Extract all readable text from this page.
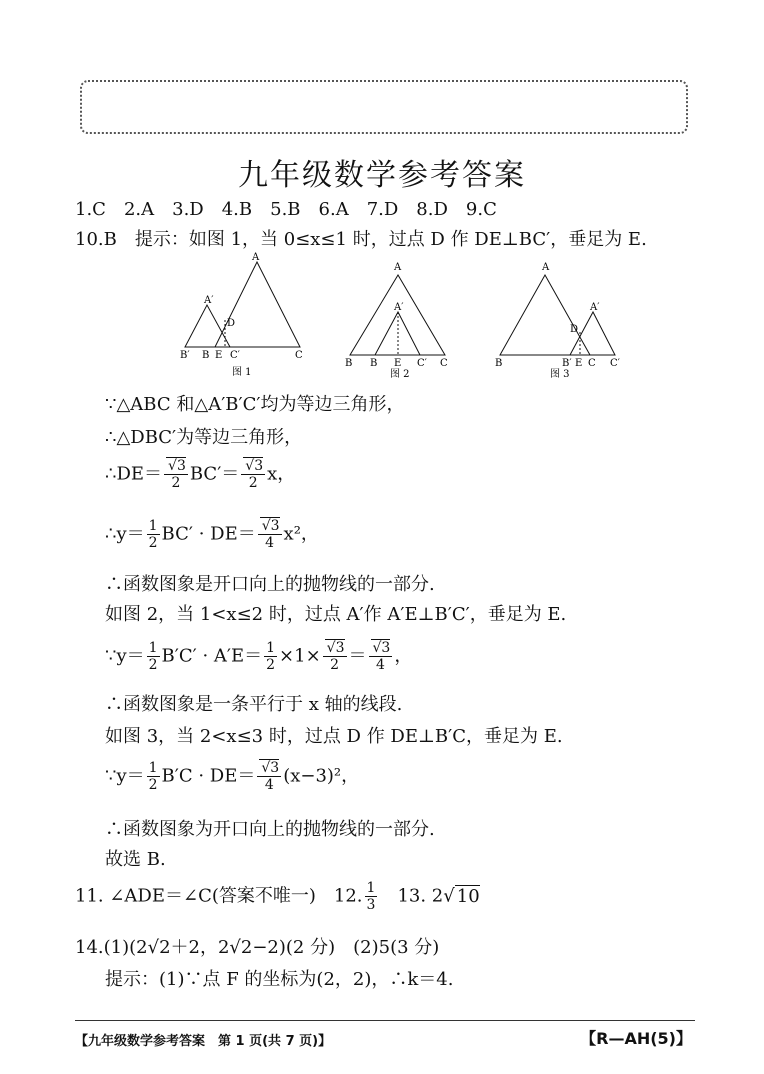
九年级数学参考答案
1.C　2.A　3.D　4.B　5.B　6.A　7.D　8.D　9.C
10.B　提示：如图 1，当 0≤x≤1 时，过点 D 作 DE⊥BC′，垂足为 E.
B′ B E C′	C
A
A′
D
图 1
B B E C′ C
A
A′
图 2
B	B′ E C C′
A
A′
D
图 3
∵△ABC 和△A′B′C′均为等边三角形，
∴△DBC′为等边三角形，
∴DE＝ $\frac{√3}{2} BC'= \frac{√3}{2}$ x，
∴y＝ $\frac{1}{2} BC' \cdot DE= \frac{√3}{4} x^2$，
∴函数图象是开口向上的抛物线的一部分.
如图 2，当 1<x≤2 时，过点 A′作 A′E⊥B′C′，垂足为 E.
∵y＝ $\frac{1}{2} B'C' \cdot A'E= \frac{1}{2} \times 1\times \frac{√3}{2} = \frac{√3}{4}$ ，
∴函数图象是一条平行于 x 轴的线段.
如图 3，当 2<x≤3 时，过点 D 作 DE⊥B′C，垂足为 E.
∵y＝ $\frac{1}{2} B'C \cdot DE= \frac{√3}{4} (x-3)^2$，
∴函数图象为开口向上的抛物线的一部分.
故选 B.
11. ∠ADE＝∠C(答案不唯一)　12. $\frac{1}{3}$ 　13. 2√ 10
14.(1)(2√2＋2，2√2−2)(2 分)　(2)5(3 分)
提示：(1)∵点 F 的坐标为(2，2)，∴k＝4.
【九年级数学参考答案　第 1 页(共 7 页)】	【R—AH(5)】
